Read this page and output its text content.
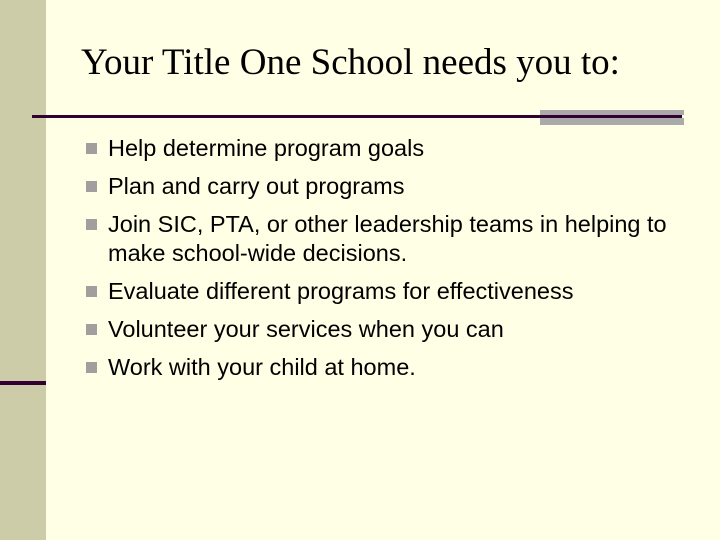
Your Title One School needs you to:
Help determine program goals
Plan and carry out programs
Join SIC, PTA, or other leadership teams in helping to make school-wide decisions.
Evaluate different programs for effectiveness
Volunteer your services when you can
Work with your child at home.
